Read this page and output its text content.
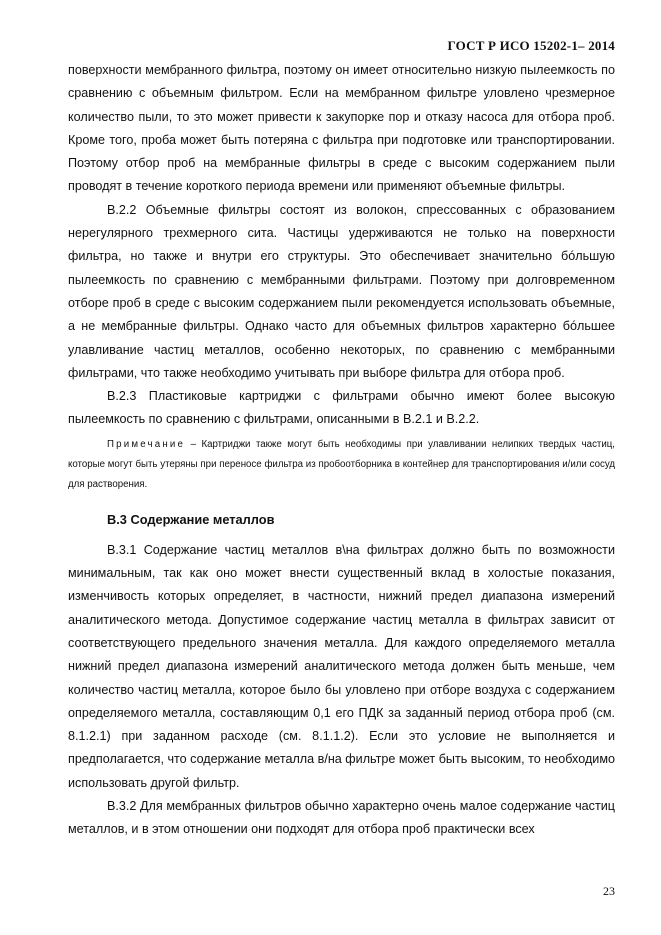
ГОСТ Р ИСО 15202-1– 2014

поверхности мембранного фильтра, поэтому он имеет относительно низкую пылеемкость по сравнению с объемным фильтром. Если на мембранном фильтре уловлено чрезмерное количество пыли, то это может привести к закупорке пор и отказу насоса для отбора проб. Кроме того, проба может быть потеряна с фильтра при подготовке или транспортировании. Поэтому отбор проб на мембранные фильтры в среде с высоким содержанием пыли проводят в течение короткого периода времени или применяют объемные фильтры.

В.2.2 Объемные фильтры состоят из волокон, спрессованных с образованием нерегулярного трехмерного сита. Частицы удерживаются не только на поверхности фильтра, но также и внутри его структуры. Это обеспечивает значительно бóльшую пылеемкость по сравнению с мембранными фильтрами. Поэтому при долговременном отборе проб в среде с высоким содержанием пыли рекомендуется использовать объемные, а не мембранные фильтры. Однако часто для объемных фильтров характерно бóльшее улавливание частиц металлов, особенно некоторых, по сравнению с мембранными фильтрами, что также необходимо учитывать при выборе фильтра для отбора проб.

В.2.3 Пластиковые картриджи с фильтрами обычно имеют более высокую пылеемкость по сравнению с фильтрами, описанными в В.2.1 и В.2.2.

Примечание – Картриджи также могут быть необходимы при улавливании нелипких твердых частиц, которые могут быть утеряны при переносе фильтра из пробоотборника в контейнер для транспортирования и/или сосуд для растворения.

В.3 Содержание металлов

В.3.1 Содержание частиц металлов в\на фильтрах должно быть по возможности минимальным, так как оно может внести существенный вклад в холостые показания, изменчивость которых определяет, в частности, нижний предел диапазона измерений аналитического метода. Допустимое содержание частиц металла в фильтрах зависит от соответствующего предельного значения металла. Для каждого определяемого металла нижний предел диапазона измерений аналитического метода должен быть меньше, чем количество частиц металла, которое было бы уловлено при отборе воздуха с содержанием определяемого металла, составляющим 0,1 его ПДК за заданный период отбора проб (см. 8.1.2.1) при заданном расходе (см. 8.1.1.2). Если это условие не выполняется и предполагается, что содержание металла в/на фильтре может быть высоким, то необходимо использовать другой фильтр.

В.3.2 Для мембранных фильтров обычно характерно очень малое содержание частиц металлов, и в этом отношении они подходят для отбора проб практически всех

23
